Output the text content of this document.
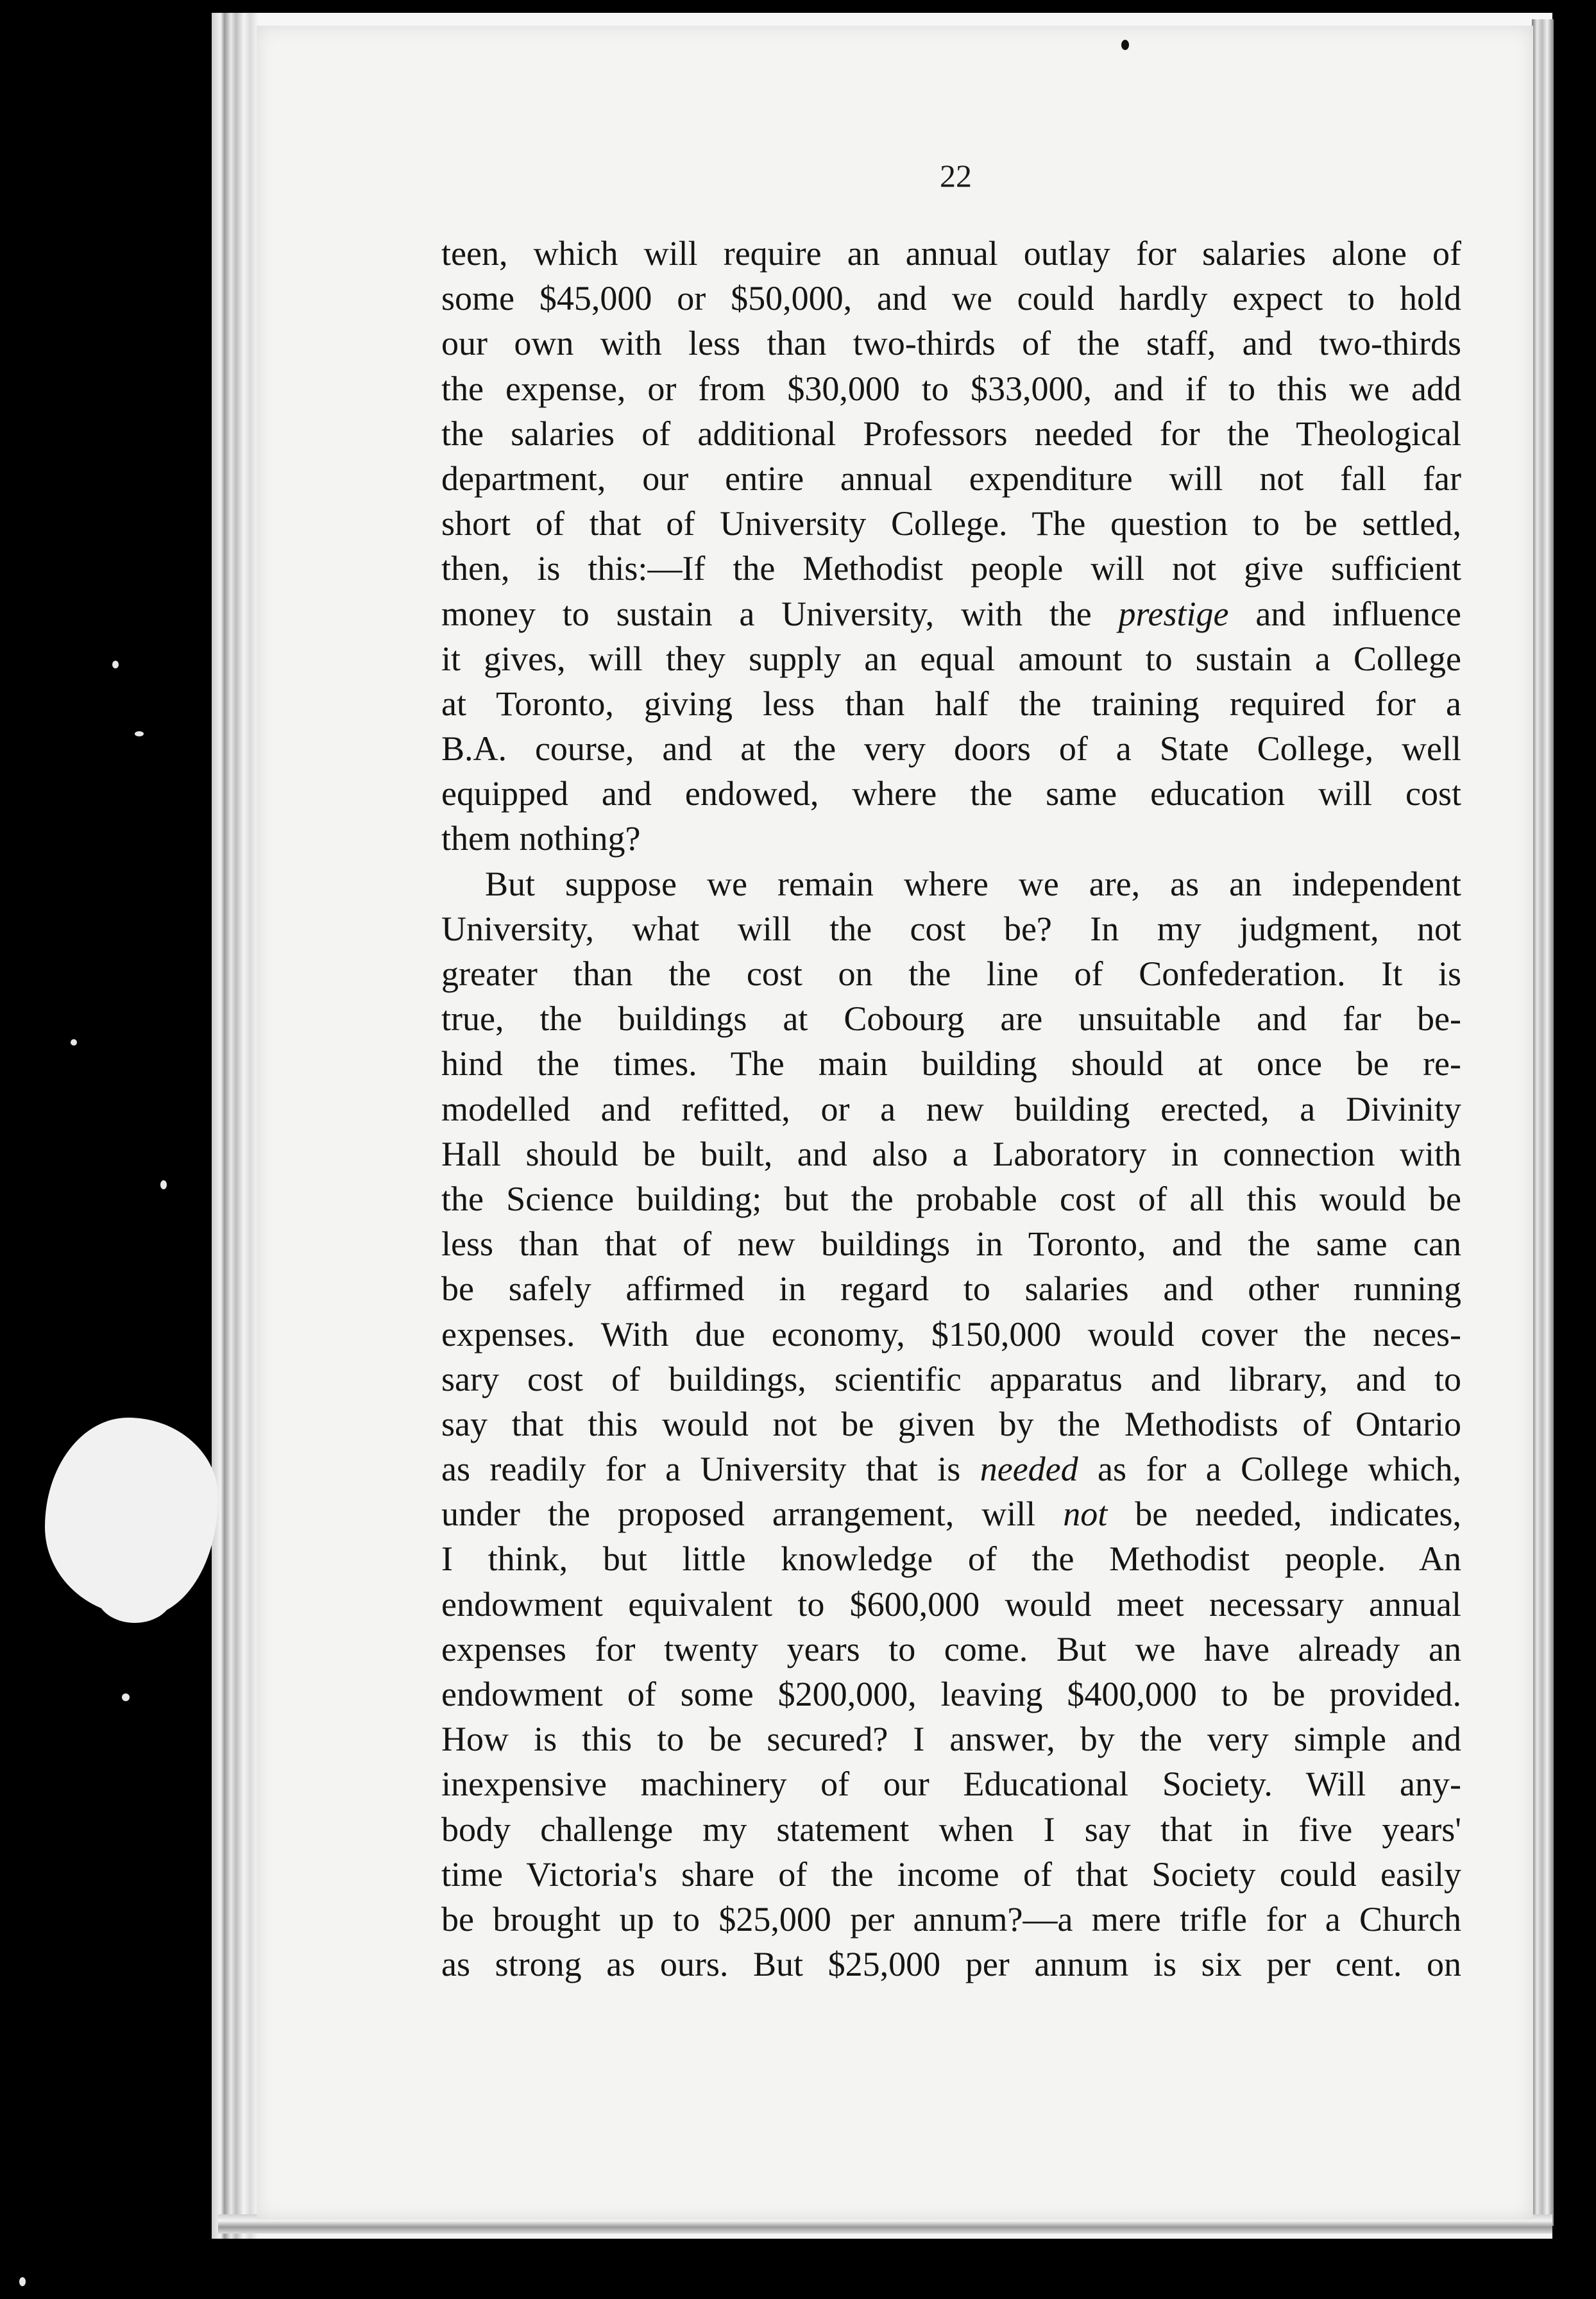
22
teen, which will require an annual outlay for salaries alone of
some $45,000 or $50,000, and we could hardly expect to hold
our own with less than two-thirds of the staff, and two-thirds
the expense, or from $30,000 to $33,000, and if to this we add
the salaries of additional Professors needed for the Theological
department, our entire annual expenditure will not fall far
short of that of University College. The question to be settled,
then, is this:—If the Methodist people will not give sufficient
money to sustain a University, with the prestige and influence
it gives, will they supply an equal amount to sustain a College
at Toronto, giving less than half the training required for a
B.A. course, and at the very doors of a State College, well
equipped and endowed, where the same education will cost
them nothing?
But suppose we remain where we are, as an independent
University, what will the cost be? In my judgment, not
greater than the cost on the line of Confederation. It is
true, the buildings at Cobourg are unsuitable and far be-
hind the times. The main building should at once be re-
modelled and refitted, or a new building erected, a Divinity
Hall should be built, and also a Laboratory in connection with
the Science building; but the probable cost of all this would be
less than that of new buildings in Toronto, and the same can
be safely affirmed in regard to salaries and other running
expenses. With due economy, $150,000 would cover the neces-
sary cost of buildings, scientific apparatus and library, and to
say that this would not be given by the Methodists of Ontario
as readily for a University that is needed as for a College which,
under the proposed arrangement, will not be needed, indicates,
I think, but little knowledge of the Methodist people. An
endowment equivalent to $600,000 would meet necessary annual
expenses for twenty years to come. But we have already an
endowment of some $200,000, leaving $400,000 to be provided.
How is this to be secured? I answer, by the very simple and
inexpensive machinery of our Educational Society. Will any-
body challenge my statement when I say that in five years'
time Victoria's share of the income of that Society could easily
be brought up to $25,000 per annum?—a mere trifle for a Church
as strong as ours. But $25,000 per annum is six per cent. on
